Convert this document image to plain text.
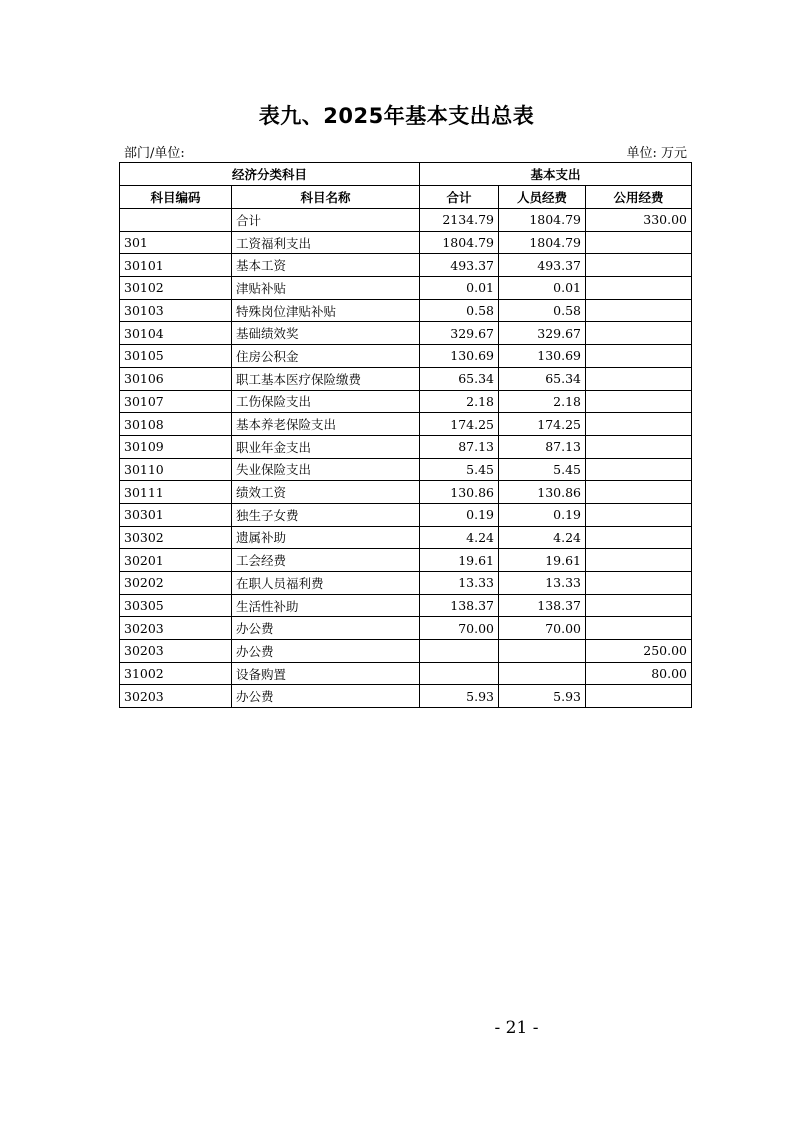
表九、2025年基本支出总表
部门/单位:	单位: 万元
经济分类科目		基本支出		
科目编码	科目名称	合计	人员经费	公用经费
	合计	2134.79	1804.79	330.00
301	工资福利支出	1804.79	1804.79	
30101	基本工资	493.37	493.37	
30102	津贴补贴	0.01	0.01	
30103	特殊岗位津贴补贴	0.58	0.58	
30104	基础绩效奖	329.67	329.67	
30105	住房公积金	130.69	130.69	
30106	职工基本医疗保险缴费	65.34	65.34	
30107	工伤保险支出	2.18	2.18	
30108	基本养老保险支出	174.25	174.25	
30109	职业年金支出	87.13	87.13	
30110	失业保险支出	5.45	5.45	
30111	绩效工资	130.86	130.86	
30301	独生子女费	0.19	0.19	
30302	遗属补助	4.24	4.24	
30201	工会经费	19.61	19.61	
30202	在职人员福利费	13.33	13.33	
30305	生活性补助	138.37	138.37	
30203	办公费	70.00	70.00	
30203	办公费			250.00
31002	设备购置			80.00
30203	办公费	5.93	5.93	
- 21 -
